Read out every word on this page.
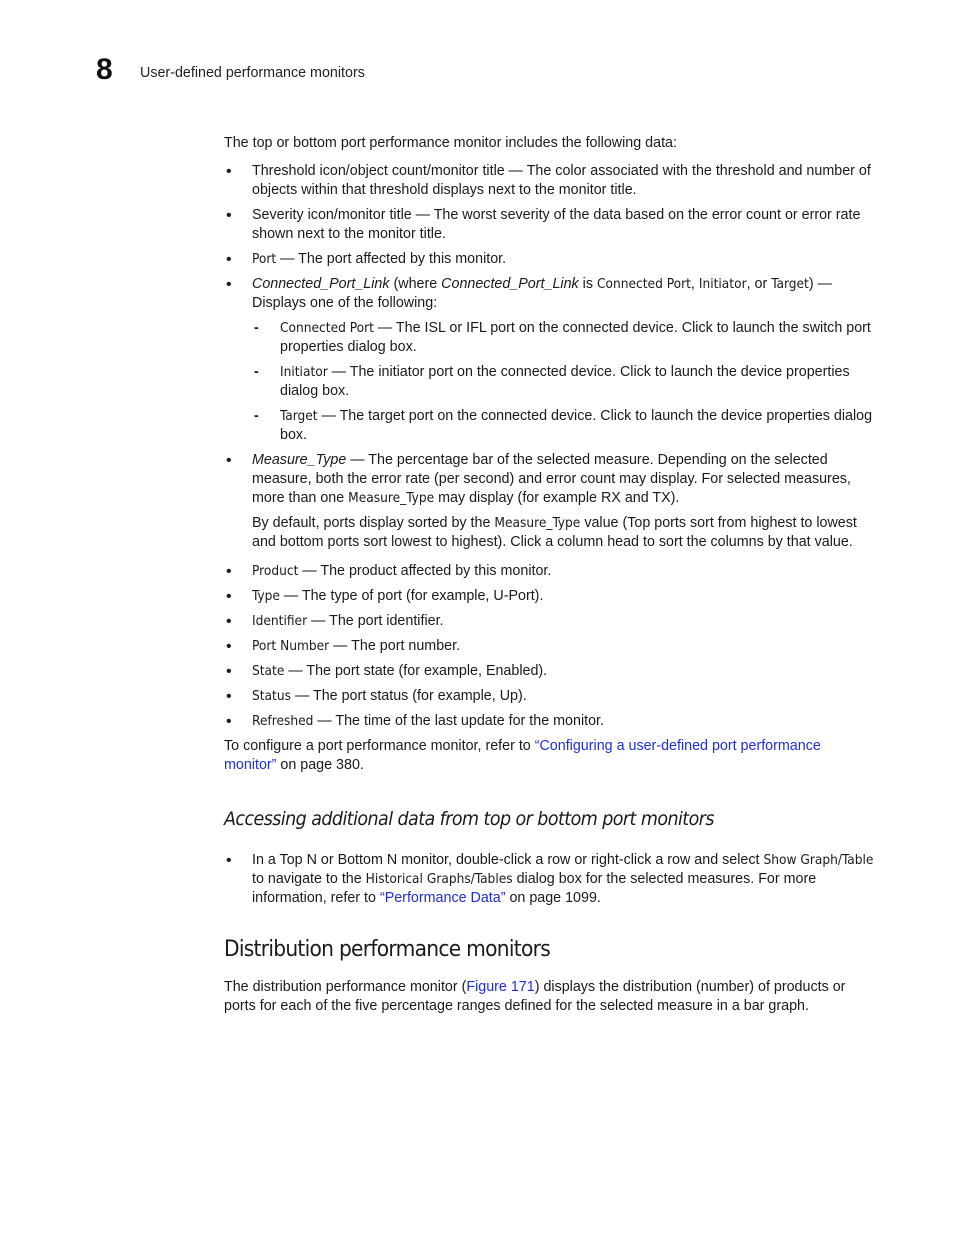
8 User-defined performance monitors

The top or bottom port performance monitor includes the following data:

• Threshold icon/object count/monitor title — The color associated with the threshold and number of objects within that threshold displays next to the monitor title.
• Severity icon/monitor title — The worst severity of the data based on the error count or error rate shown next to the monitor title.
• Port — The port affected by this monitor.
• Connected_Port_Link (where Connected_Port_Link is Connected Port, Initiator, or Target) — Displays one of the following:
- Connected Port — The ISL or IFL port on the connected device. Click to launch the switch port properties dialog box.
- Initiator — The initiator port on the connected device. Click to launch the device properties dialog box.
- Target — The target port on the connected device. Click to launch the device properties dialog box.
• Measure_Type — The percentage bar of the selected measure. Depending on the selected measure, both the error rate (per second) and error count may display. For selected measures, more than one Measure_Type may display (for example RX and TX).

By default, ports display sorted by the Measure_Type value (Top ports sort from highest to lowest and bottom ports sort lowest to highest). Click a column head to sort the columns by that value.

• Product — The product affected by this monitor.
• Type — The type of port (for example, U-Port).
• Identifier — The port identifier.
• Port Number — The port number.
• State — The port state (for example, Enabled).
• Status — The port status (for example, Up).
• Refreshed — The time of the last update for the monitor.

To configure a port performance monitor, refer to “Configuring a user-defined port performance monitor” on page 380.

Accessing additional data from top or bottom port monitors
• In a Top N or Bottom N monitor, double-click a row or right-click a row and select Show Graph/Table to navigate to the Historical Graphs/Tables dialog box for the selected measures. For more information, refer to “Performance Data” on page 1099.
Distribution performance monitors

The distribution performance monitor (Figure 171) displays the distribution (number) of products or ports for each of the five percentage ranges defined for the selected measure in a bar graph.
